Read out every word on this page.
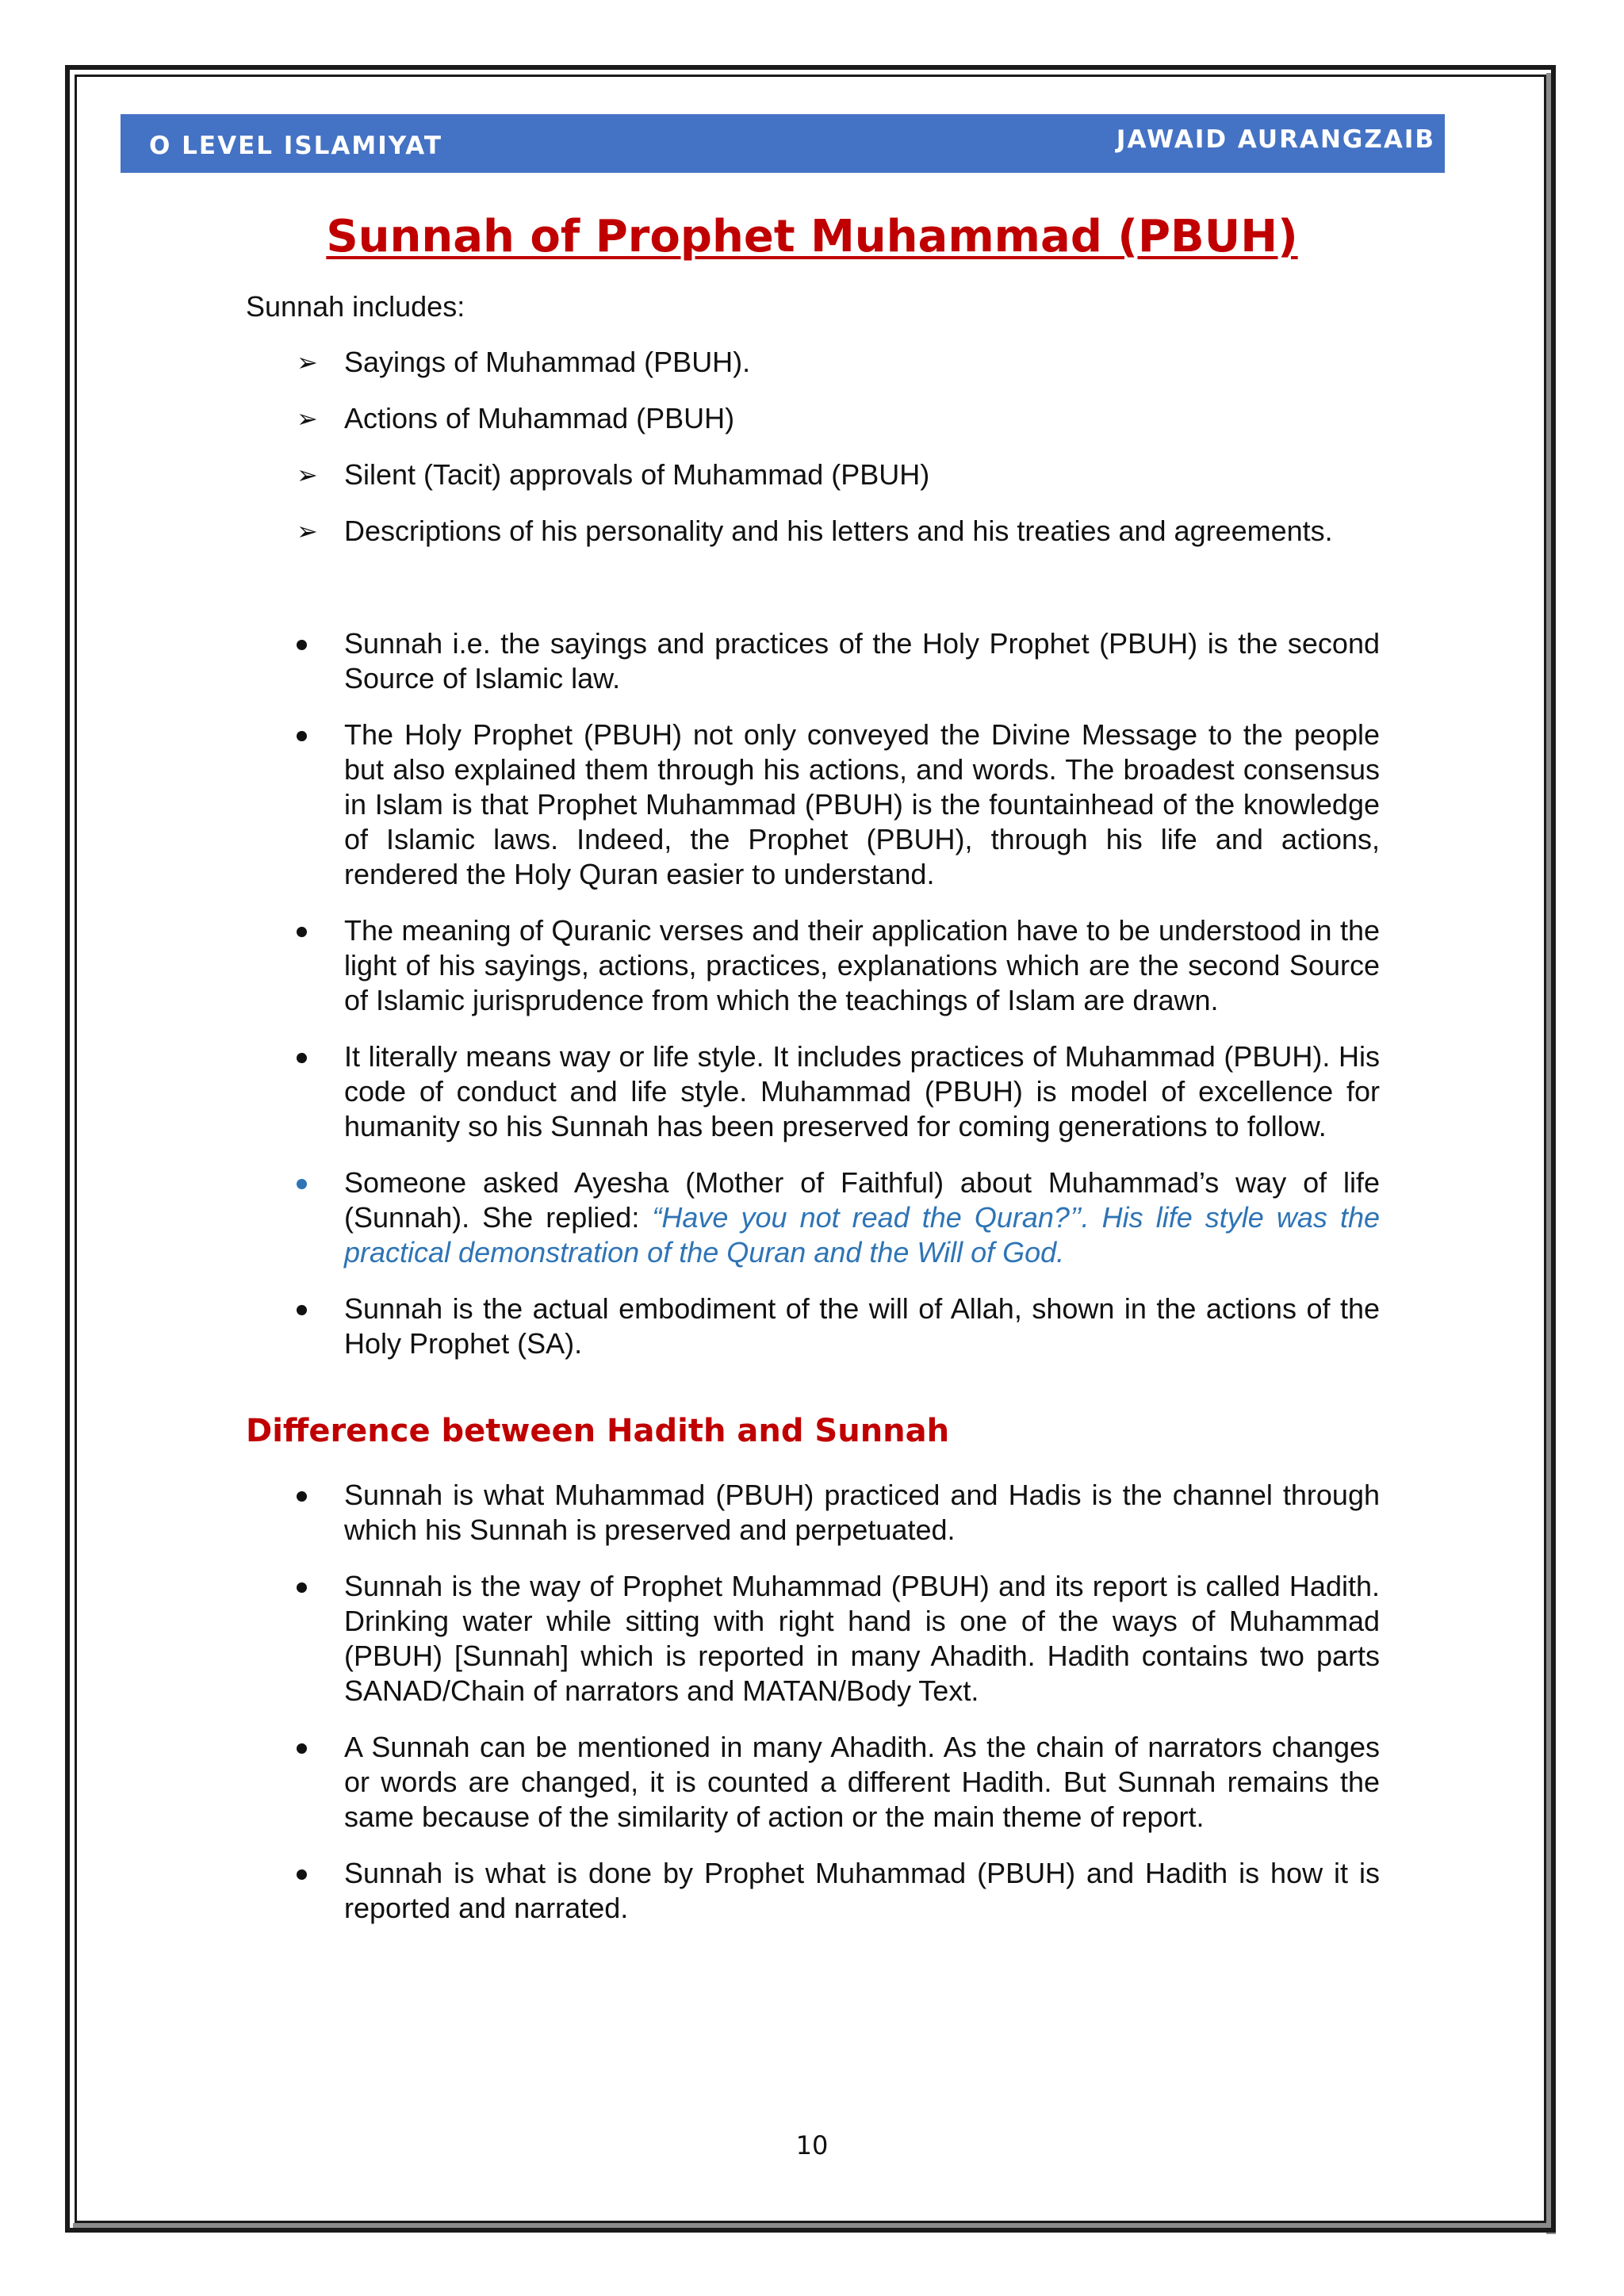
O LEVEL ISLAMIYAT	JAWAID AURANGZAIB
Sunnah of Prophet Muhammad (PBUH)
Sunnah includes:
➢ Sayings of Muhammad (PBUH).
➢ Actions of Muhammad (PBUH)
➢ Silent (Tacit) approvals of Muhammad (PBUH)
➢ Descriptions of his personality and his letters and his treaties and agreements.
Sunnah i.e. the sayings and practices of the Holy Prophet (PBUH) is the second Source of Islamic law.
The Holy Prophet (PBUH) not only conveyed the Divine Message to the people but also explained them through his actions, and words. The broadest consensus in Islam is that Prophet Muhammad (PBUH) is the fountainhead of the knowledge of Islamic laws. Indeed, the Prophet (PBUH), through his life and actions, rendered the Holy Quran easier to understand.
The meaning of Quranic verses and their application have to be understood in the light of his sayings, actions, practices, explanations which are the second Source of Islamic jurisprudence from which the teachings of Islam are drawn.
It literally means way or life style. It includes practices of Muhammad (PBUH). His code of conduct and life style. Muhammad (PBUH) is model of excellence for humanity so his Sunnah has been preserved for coming generations to follow.
Someone asked Ayesha (Mother of Faithful) about Muhammad’s way of life (Sunnah). She replied: “Have you not read the Quran?’’. His life style was the practical demonstration of the Quran and the Will of God.
Sunnah is the actual embodiment of the will of Allah, shown in the actions of the Holy Prophet (SA).
Difference between Hadith and Sunnah
Sunnah is what Muhammad (PBUH) practiced and Hadis is the channel through which his Sunnah is preserved and perpetuated.
Sunnah is the way of Prophet Muhammad (PBUH) and its report is called Hadith. Drinking water while sitting with right hand is one of the ways of Muhammad (PBUH) [Sunnah] which is reported in many Ahadith. Hadith contains two parts SANAD/Chain of narrators and MATAN/Body Text.
A Sunnah can be mentioned in many Ahadith. As the chain of narrators changes or words are changed, it is counted a different Hadith. But Sunnah remains the same because of the similarity of action or the main theme of report.
Sunnah is what is done by Prophet Muhammad (PBUH) and Hadith is how it is reported and narrated.
10
